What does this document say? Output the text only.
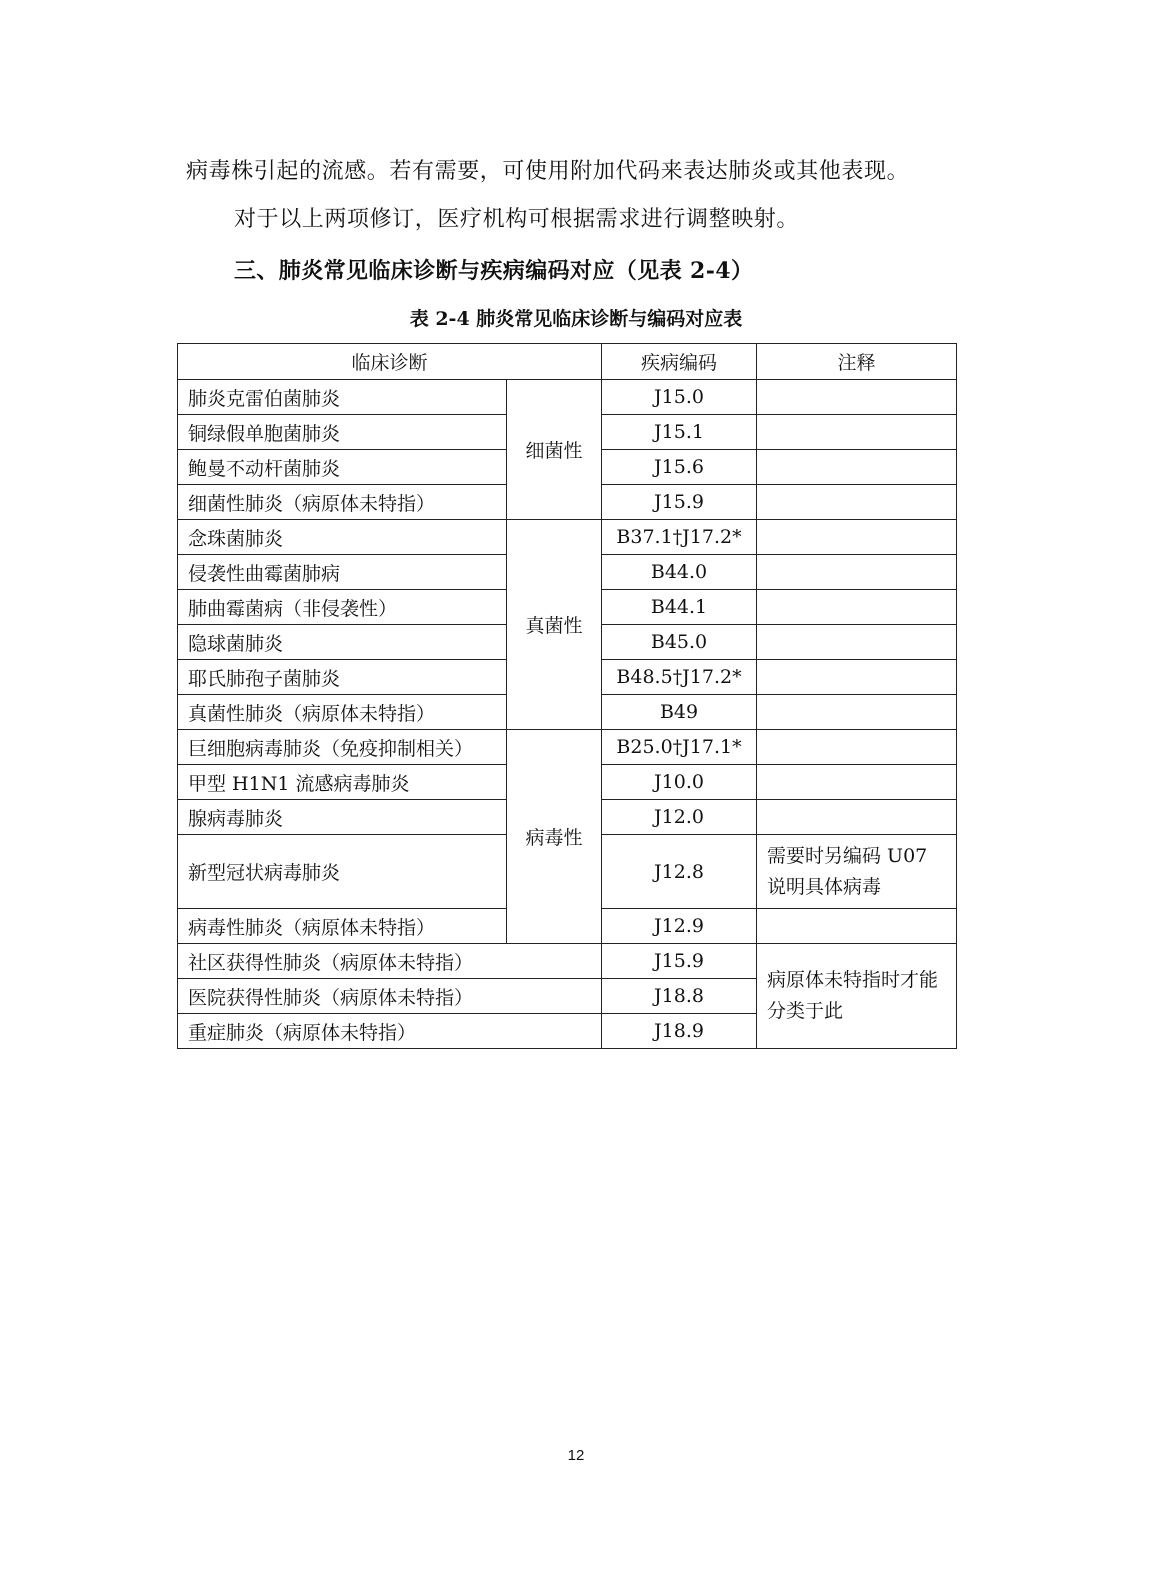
病毒株引起的流感。若有需要，可使用附加代码来表达肺炎或其他表现。
对于以上两项修订，医疗机构可根据需求进行调整映射。
三、肺炎常见临床诊断与疾病编码对应（见表 2-4）
表 2-4 肺炎常见临床诊断与编码对应表
临床诊断		疾病编码	注释
肺炎克雷伯菌肺炎	细菌性	J15.0	
铜绿假单胞菌肺炎		J15.1	
鲍曼不动杆菌肺炎		J15.6	
细菌性肺炎（病原体未特指）		J15.9	
念珠菌肺炎	真菌性	B37.1†J17.2*	
侵袭性曲霉菌肺病		B44.0	
肺曲霉菌病（非侵袭性）		B44.1	
隐球菌肺炎		B45.0	
耶氏肺孢子菌肺炎		B48.5†J17.2*	
真菌性肺炎（病原体未特指）		B49	
巨细胞病毒肺炎（免疫抑制相关）	病毒性	B25.0†J17.1*	
甲型 H1N1 流感病毒肺炎		J10.0	
腺病毒肺炎		J12.0	
新型冠状病毒肺炎		J12.8	需要时另编码 U07 说明具体病毒
病毒性肺炎（病原体未特指）		J12.9	
社区获得性肺炎（病原体未特指）		J15.9	病原体未特指时才能分类于此
医院获得性肺炎（病原体未特指）		J18.8	
重症肺炎（病原体未特指）		J18.9	
12
